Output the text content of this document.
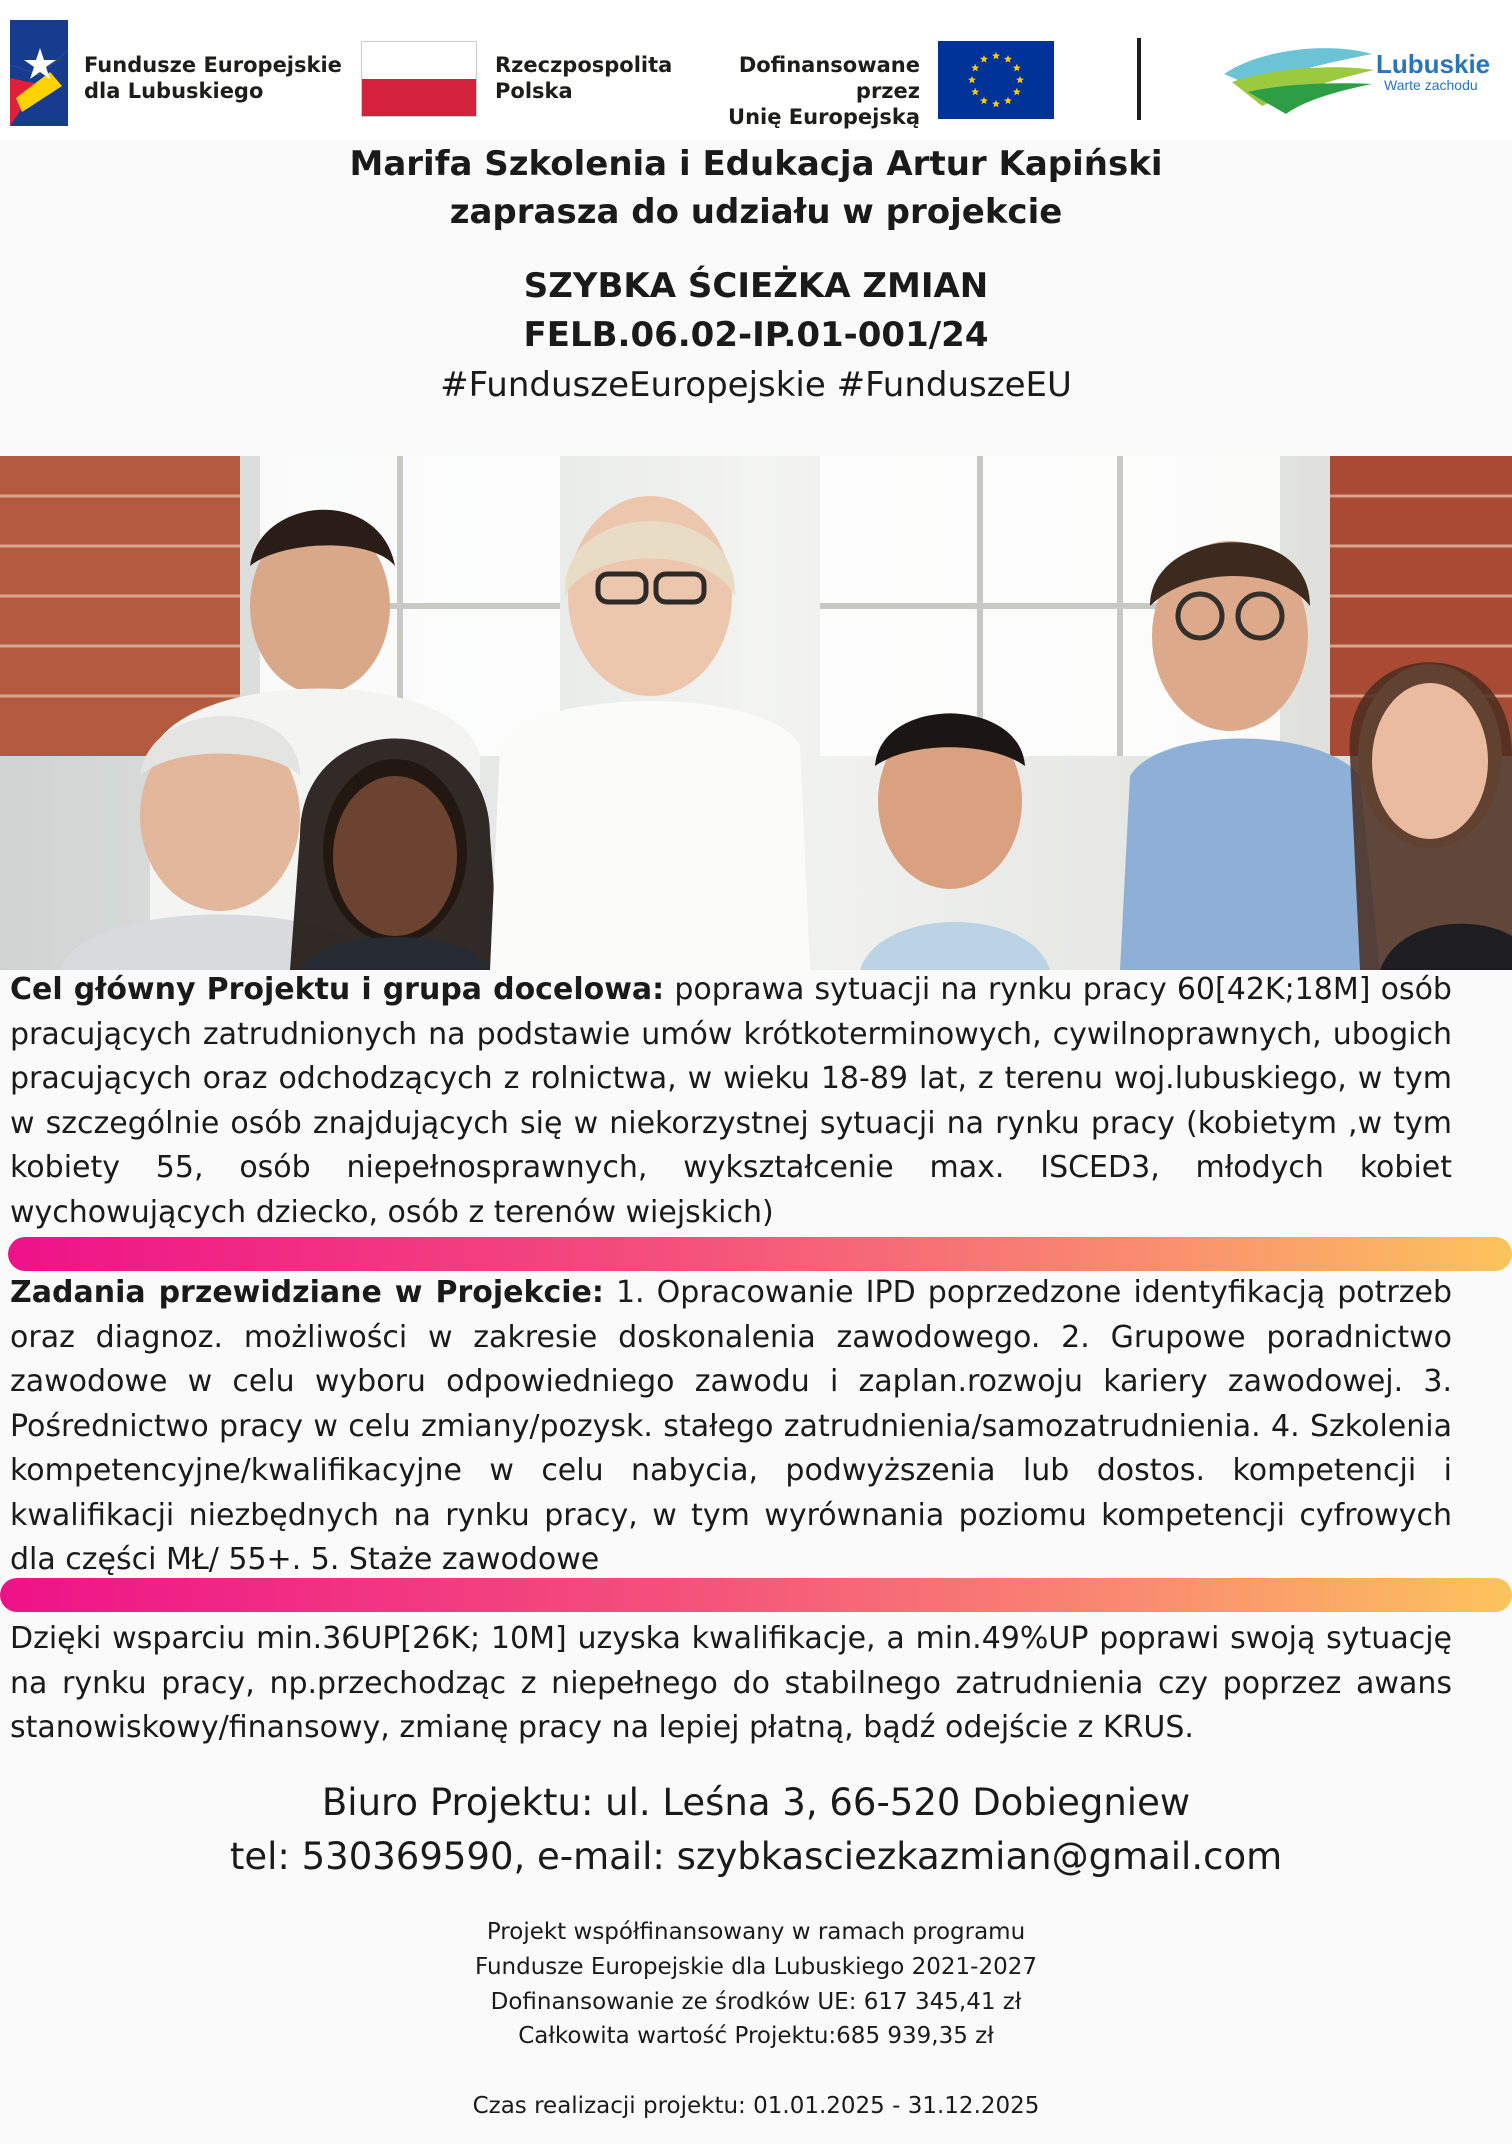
Fundusze Europejskie
dla Lubuskiego
Rzeczpospolita
Polska
Dofinansowane przez
Unię Europejską
Lubuskie
Warte zachodu
Marifa Szkolenia i Edukacja Artur Kapiński
zaprasza do udziału w projekcie
SZYBKA ŚCIEŻKA ZMIAN
FELB.06.02-IP.01-001/24
#FunduszeEuropejskie #FunduszeEU
Cel główny Projektu i grupa docelowa: poprawa sytuacji na rynku pracy 60[42K;18M] osób pracujących zatrudnionych na podstawie umów krótkoterminowych, cywilnoprawnych, ubogich pracujących oraz odchodzących z rolnictwa, w wieku 18-89 lat, z terenu woj.lubuskiego, w tym w szczególnie osób znajdujących się w niekorzystnej sytuacji na rynku pracy (kobietym ,w tym kobiety 55, osób niepełnosprawnych, wykształcenie max. ISCED3, młodych kobiet wychowujących dziecko, osób z terenów wiejskich)
Zadania przewidziane w Projekcie: 1. Opracowanie IPD poprzedzone identyfikacją potrzeb oraz diagnoz. możliwości w zakresie doskonalenia zawodowego. 2. Grupowe poradnictwo zawodowe w celu wyboru odpowiedniego zawodu i zaplan.rozwoju kariery zawodowej. 3. Pośrednictwo pracy w celu zmiany/pozysk. stałego zatrudnienia/samozatrudnienia. 4. Szkolenia kompetencyjne/kwalifikacyjne w celu nabycia, podwyższenia lub dostos. kompetencji i kwalifikacji niezbędnych na rynku pracy, w tym wyrównania poziomu kompetencji cyfrowych dla części MŁ/ 55+. 5. Staże zawodowe
Dzięki wsparciu min.36UP[26K; 10M] uzyska kwalifikacje, a min.49%UP poprawi swoją sytuację na rynku pracy, np.przechodząc z niepełnego do stabilnego zatrudnienia czy poprzez awans stanowiskowy/finansowy, zmianę pracy na lepiej płatną, bądź odejście z KRUS.
Biuro Projektu: ul. Leśna 3, 66-520 Dobiegniew
tel: 530369590, e-mail: szybkasciezkazmian@gmail.com
Projekt współfinansowany w ramach programu
Fundusze Europejskie dla Lubuskiego 2021-2027
Dofinansowanie ze środków UE: 617 345,41 zł
Całkowita wartość Projektu:685 939,35 zł
Czas realizacji projektu: 01.01.2025 - 31.12.2025
